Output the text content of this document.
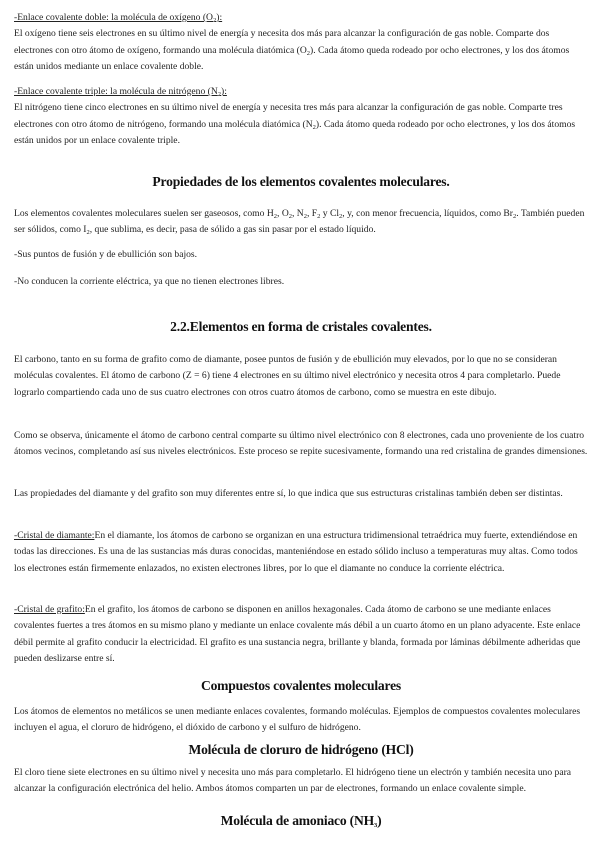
-Enlace covalente doble: la molécula de oxígeno $(O_2)$:
El oxígeno tiene seis electrones en su último nivel de energía y necesita dos más para alcanzar la configuración de gas noble. Comparte dos electrones con otro átomo de oxígeno, formando una molécula diatómica $(O_2)$. Cada átomo queda rodeado por ocho electrones, y los dos átomos están unidos mediante un enlace covalente doble.

-Enlace covalente triple: la molécula de nitrógeno $(N_2)$:
El nitrógeno tiene cinco electrones en su último nivel de energía y necesita tres más para alcanzar la configuración de gas noble. Comparte tres electrones con otro átomo de nitrógeno, formando una molécula diatómica $(N_2)$. Cada átomo queda rodeado por ocho electrones, y los dos átomos están unidos por un enlace covalente triple.

Propiedades de los elementos covalentes moleculares.

Los elementos covalentes moleculares suelen ser gaseosos, como $H_2$, $O_2$, $N_2$, $F_2$ y $Cl_2$, y, con menor frecuencia, líquidos, como $Br_2$. También pueden ser sólidos, como $I_2$, que sublima, es decir, pasa de sólido a gas sin pasar por el estado líquido.

-Sus puntos de fusión y de ebullición son bajos.

-No conducen la corriente eléctrica, ya que no tienen electrones libres.

2.2.Elementos en forma de cristales covalentes.

El carbono, tanto en su forma de grafito como de diamante, posee puntos de fusión y de ebullición muy elevados, por lo que no se consideran moléculas covalentes. El átomo de carbono (Z = 6) tiene 4 electrones en su último nivel electrónico y necesita otros 4 para completarlo. Puede lograrlo compartiendo cada uno de sus cuatro electrones con otros cuatro átomos de carbono, como se muestra en este dibujo.

Como se observa, únicamente el átomo de carbono central comparte su último nivel electrónico con 8 electrones, cada uno proveniente de los cuatro átomos vecinos, completando así sus niveles electrónicos. Este proceso se repite sucesivamente, formando una red cristalina de grandes dimensiones.

Las propiedades del diamante y del grafito son muy diferentes entre sí, lo que indica que sus estructuras cristalinas también deben ser distintas.

-Cristal de diamante:En el diamante, los átomos de carbono se organizan en una estructura tridimensional tetraédrica muy fuerte, extendiéndose en todas las direcciones. Es una de las sustancias más duras conocidas, manteniéndose en estado sólido incluso a temperaturas muy altas. Como todos los electrones están firmemente enlazados, no existen electrones libres, por lo que el diamante no conduce la corriente eléctrica.

-Cristal de grafito:En el grafito, los átomos de carbono se disponen en anillos hexagonales. Cada átomo de carbono se une mediante enlaces covalentes fuertes a tres átomos en su mismo plano y mediante un enlace covalente más débil a un cuarto átomo en un plano adyacente. Este enlace débil permite al grafito conducir la electricidad. El grafito es una sustancia negra, brillante y blanda, formada por láminas débilmente adheridas que pueden deslizarse entre sí.

Compuestos covalentes moleculares

Los átomos de elementos no metálicos se unen mediante enlaces covalentes, formando moléculas. Ejemplos de compuestos covalentes moleculares incluyen el agua, el cloruro de hidrógeno, el dióxido de carbono y el sulfuro de hidrógeno.

Molécula de cloruro de hidrógeno (HCl)

El cloro tiene siete electrones en su último nivel y necesita uno más para completarlo. El hidrógeno tiene un electrón y también necesita uno para alcanzar la configuración electrónica del helio. Ambos átomos comparten un par de electrones, formando un enlace covalente simple.

Molécula de amoniaco $(NH_3)$
